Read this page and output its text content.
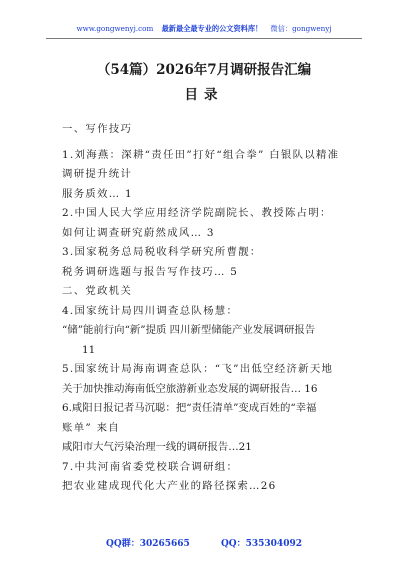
www.gongwenyj.com 最新最全最专业的公文资料库！ 微信：gongwenyj
（54篇）2026年7月调研报告汇编
目录
一、写作技巧
1.刘海燕：深耕“责任田”打好“组合拳” 白银队以精准
调研提升统计
服务质效… 1
2.中国人民大学应用经济学院副院长、教授陈占明：
如何让调查研究蔚然成风… 3
3.国家税务总局税收科学研究所曹靓：
税务调研选题与报告写作技巧… 5
二、党政机关
4.国家统计局四川调查总队杨慧：
“储”能前行向“新”提质 四川新型储能产业发展调研报告
11
5.国家统计局海南调查总队：“飞”出低空经济新天地
关于加快推动海南低空旅游新业态发展的调研报告… 16
6.咸阳日报记者马沉聪：把“责任清单”变成百姓的“幸福
账单” 来自
咸阳市大气污染治理一线的调研报告…21
7.中共河南省委党校联合调研组：
把农业建成现代化大产业的路径探索…26
QQ群：30265665	QQ：535304092
